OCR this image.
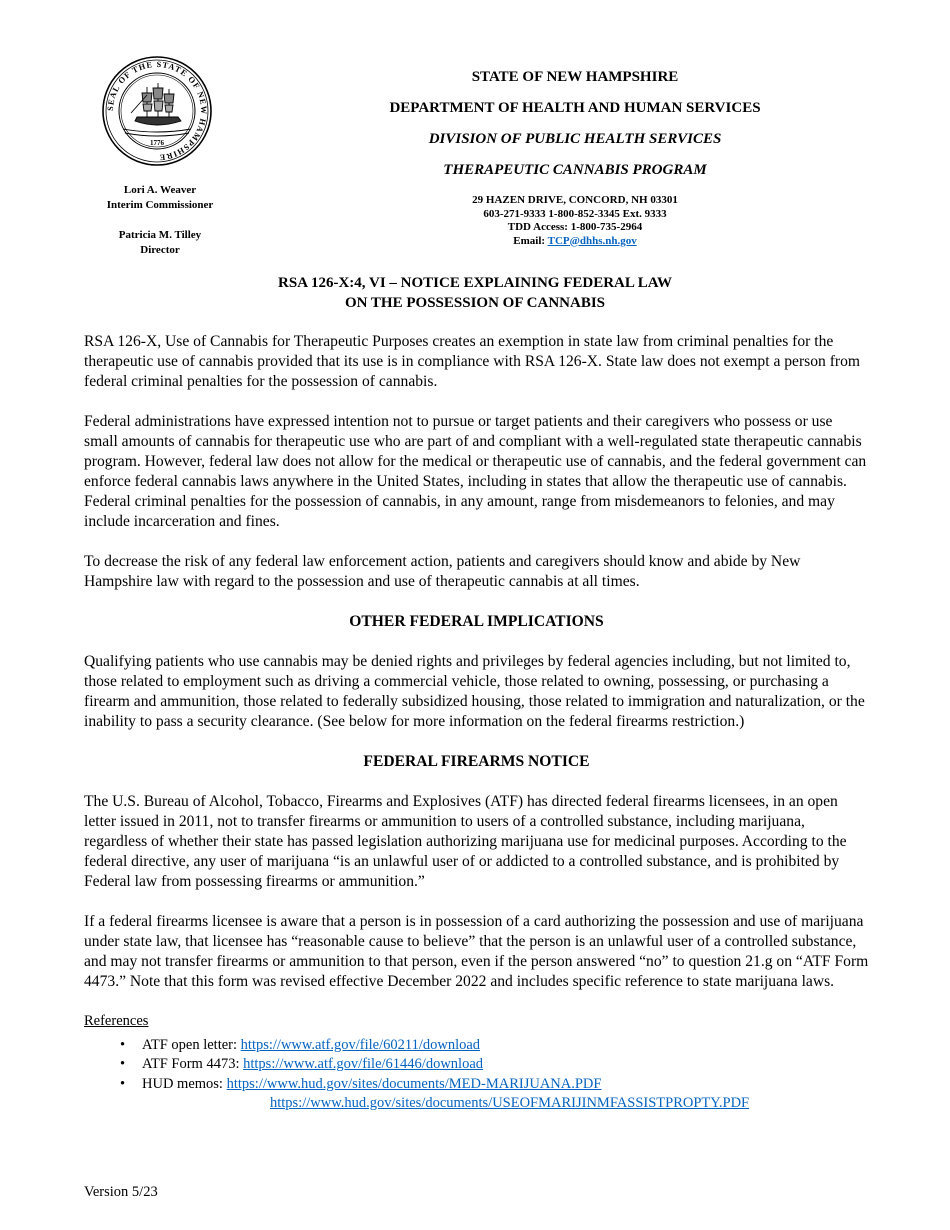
SEAL OF THE STATE OF NEW HAMPSHIRE
1776
Lori A. Weaver
Interim Commissioner
Patricia M. Tilley
Director
STATE OF NEW HAMPSHIRE
DEPARTMENT OF HEALTH AND HUMAN SERVICES
DIVISION OF PUBLIC HEALTH SERVICES
THERAPEUTIC CANNABIS PROGRAM
29 HAZEN DRIVE, CONCORD, NH 03301
603-271-9333 1-800-852-3345 Ext. 9333
TDD Access: 1-800-735-2964
Email: TCP@dhhs.nh.gov
RSA 126-X:4, VI – NOTICE EXPLAINING FEDERAL LAW
ON THE POSSESSION OF CANNABIS

RSA 126-X, Use of Cannabis for Therapeutic Purposes creates an exemption in state law from criminal penalties for the therapeutic use of cannabis provided that its use is in compliance with RSA 126-X. State law does not exempt a person from federal criminal penalties for the possession of cannabis.

Federal administrations have expressed intention not to pursue or target patients and their caregivers who possess or use small amounts of cannabis for therapeutic use who are part of and compliant with a well-regulated state therapeutic cannabis program. However, federal law does not allow for the medical or therapeutic use of cannabis, and the federal government can enforce federal cannabis laws anywhere in the United States, including in states that allow the therapeutic use of cannabis. Federal criminal penalties for the possession of cannabis, in any amount, range from misdemeanors to felonies, and may include incarceration and fines.

To decrease the risk of any federal law enforcement action, patients and caregivers should know and abide by New Hampshire law with regard to the possession and use of therapeutic cannabis at all times.

OTHER FEDERAL IMPLICATIONS

Qualifying patients who use cannabis may be denied rights and privileges by federal agencies including, but not limited to, those related to employment such as driving a commercial vehicle, those related to owning, possessing, or purchasing a firearm and ammunition, those related to federally subsidized housing, those related to immigration and naturalization, or the inability to pass a security clearance. (See below for more information on the federal firearms restriction.)

FEDERAL FIREARMS NOTICE

The U.S. Bureau of Alcohol, Tobacco, Firearms and Explosives (ATF) has directed federal firearms licensees, in an open letter issued in 2011, not to transfer firearms or ammunition to users of a controlled substance, including marijuana, regardless of whether their state has passed legislation authorizing marijuana use for medicinal purposes. According to the federal directive, any user of marijuana “is an unlawful user of or addicted to a controlled substance, and is prohibited by Federal law from possessing firearms or ammunition.”

If a federal firearms licensee is aware that a person is in possession of a card authorizing the possession and use of marijuana under state law, that licensee has “reasonable cause to believe” that the person is an unlawful user of a controlled substance, and may not transfer firearms or ammunition to that person, even if the person answered “no” to question 21.g on “ATF Form 4473.” Note that this form was revised effective December 2022 and includes specific reference to state marijuana laws.

References
• ATF open letter: https://www.atf.gov/file/60211/download
• ATF Form 4473: https://www.atf.gov/file/61446/download
• HUD memos: https://www.hud.gov/sites/documents/MED-MARIJUANA.PDF
https://www.hud.gov/sites/documents/USEOFMARIJINMFASSISTPROPTY.PDF
Version 5/23
